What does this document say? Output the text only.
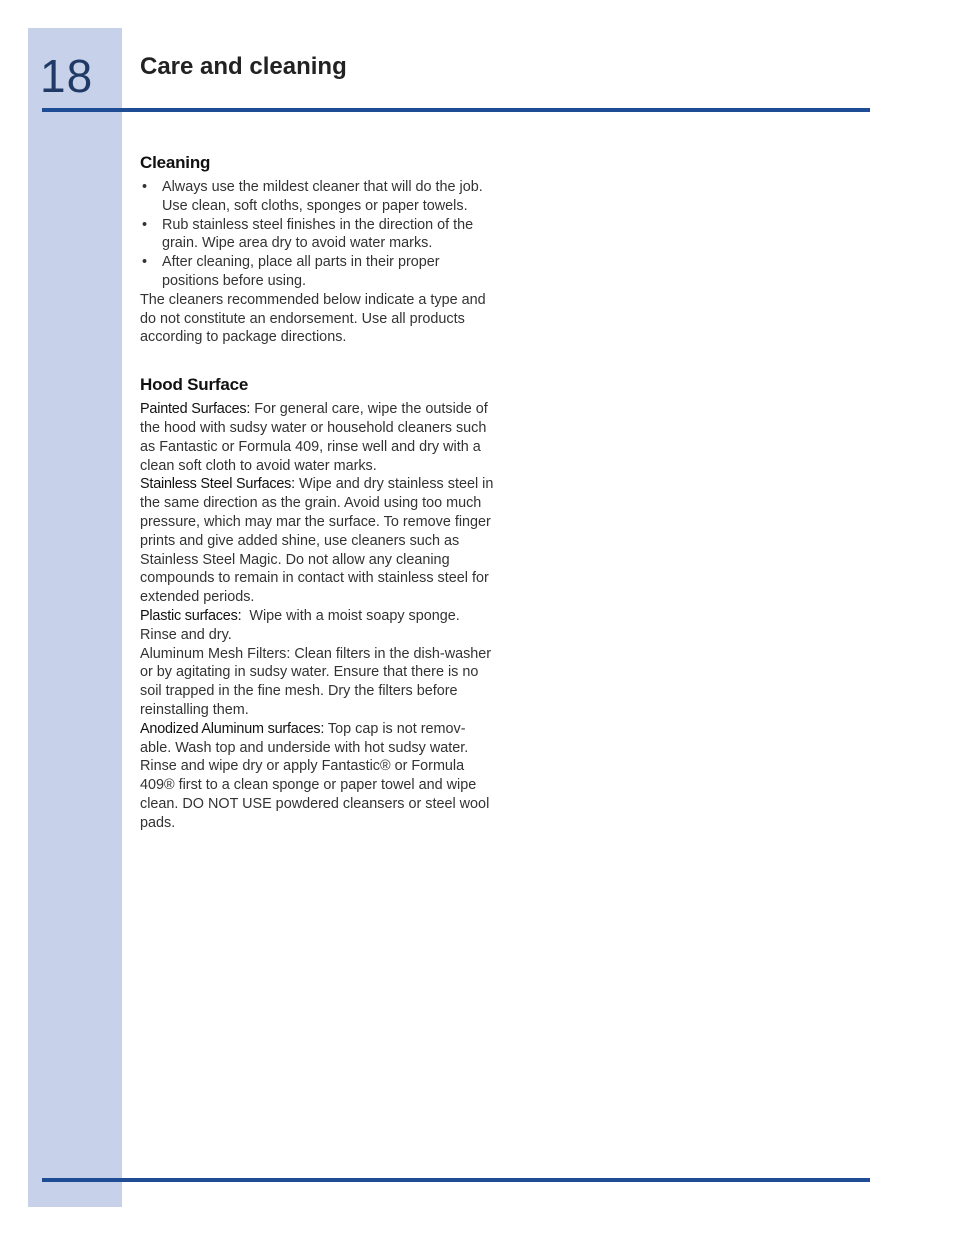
18 Care and cleaning
Cleaning
• Always use the mildest cleaner that will do the job. Use clean, soft cloths, sponges or paper towels.
• Rub stainless steel finishes in the direction of the grain. Wipe area dry to avoid water marks.
• After cleaning, place all parts in their proper positions before using.

The cleaners recommended below indicate a type and do not constitute an endorsement. Use all products according to package directions.

Hood Surface

Painted Surfaces: For general care, wipe the outside of the hood with sudsy water or household cleaners such as Fantastic or Formula 409, rinse well and dry with a clean soft cloth to avoid water marks.

Stainless Steel Surfaces: Wipe and dry stainless steel in the same direction as the grain. Avoid using too much pressure, which may mar the surface. To remove finger prints and give added shine, use cleaners such as Stainless Steel Magic. Do not allow any cleaning compounds to remain in contact with stainless steel for extended periods.

Plastic surfaces:  Wipe with a moist soapy sponge. Rinse and dry.

Aluminum Mesh Filters: Clean filters in the dish-washer or by agitating in sudsy water. Ensure that there is no soil trapped in the fine mesh. Dry the filters before reinstalling them.

Anodized Aluminum surfaces: Top cap is not remov-able. Wash top and underside with hot sudsy water. Rinse and wipe dry or apply Fantastic® or Formula 409® first to a clean sponge or paper towel and wipe clean. DO NOT USE powdered cleansers or steel wool pads.
